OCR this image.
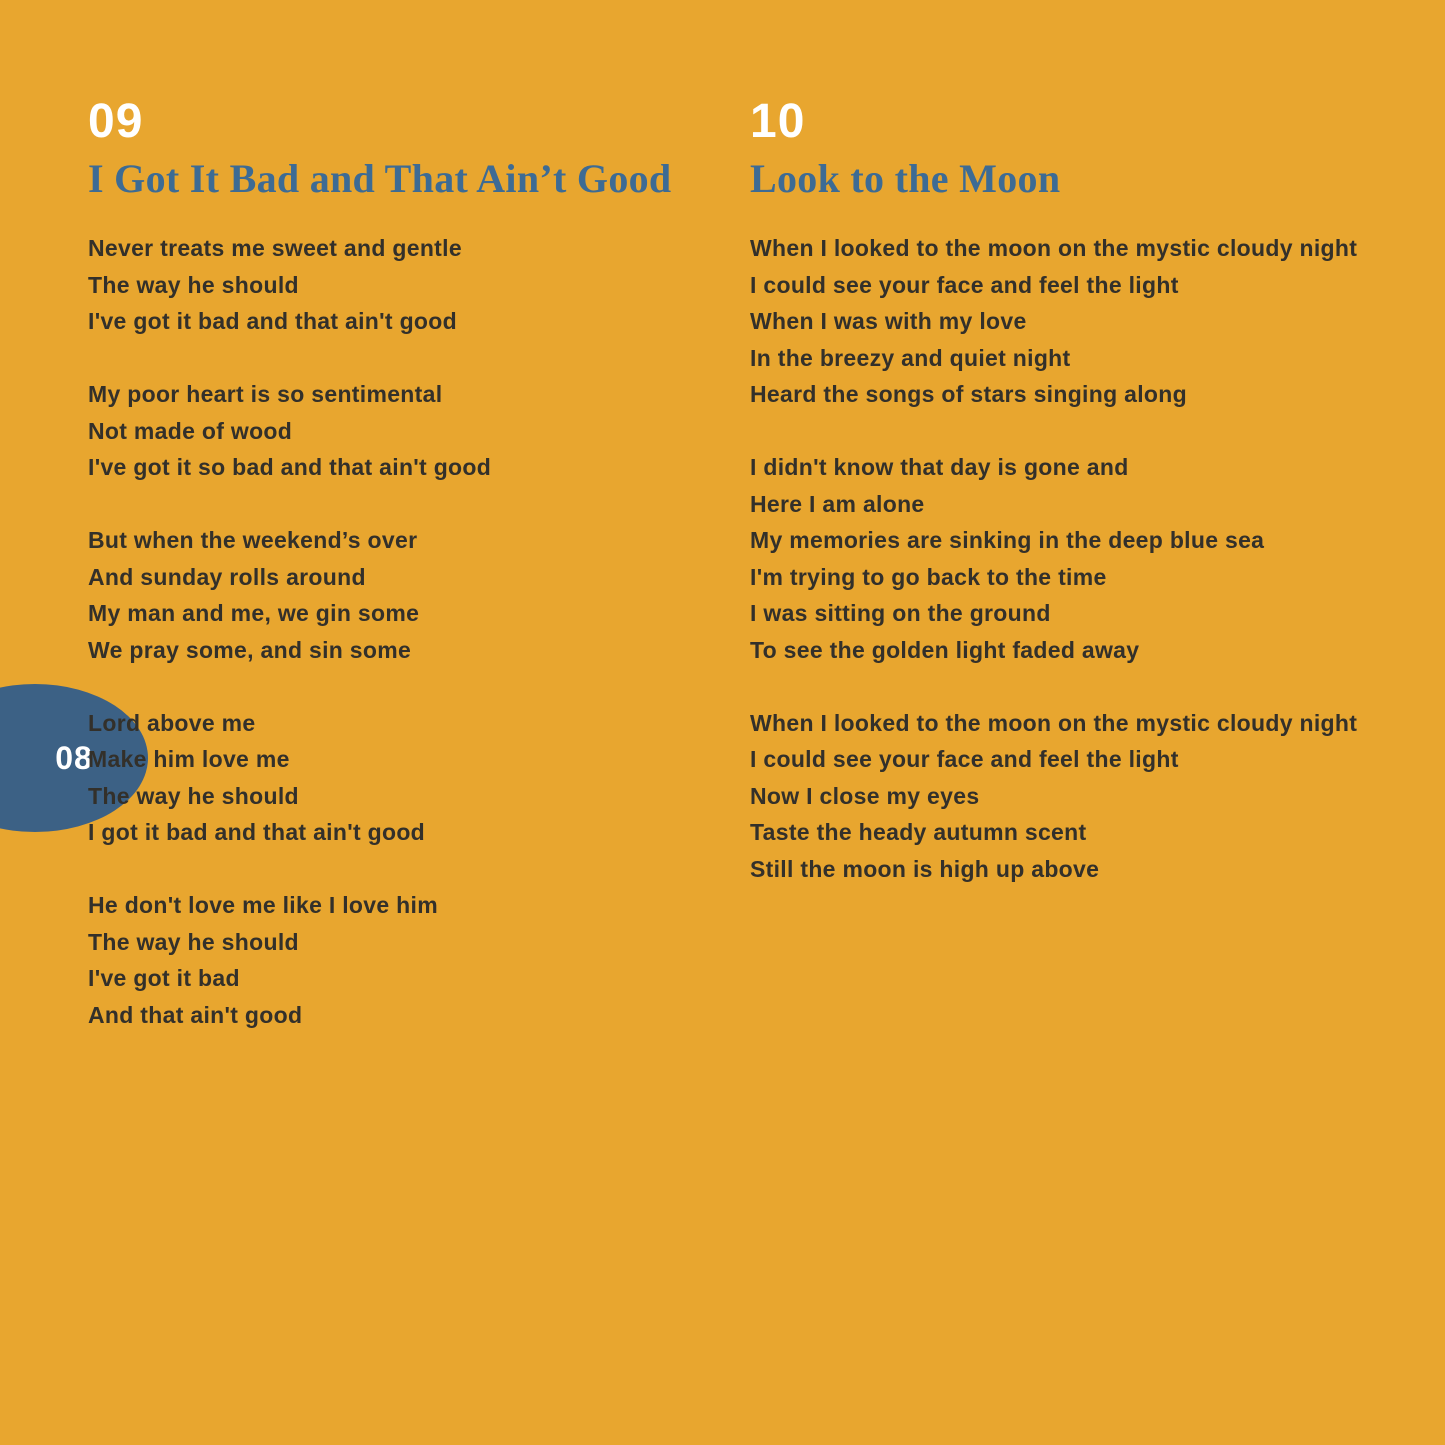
08
09
I Got It Bad and That Ain’t Good
Never treats me sweet and gentle
The way he should
I've got it bad and that ain't good
My poor heart is so sentimental
Not made of wood
I've got it so bad and that ain't good
But when the weekend’s over
And sunday rolls around
My man and me, we gin some
We pray some, and sin some
Lord above me
Make him love me
The way he should
I got it bad and that ain't good
He don't love me like I love him
The way he should
I've got it bad
And that ain't good
10
Look to the Moon
When I looked to the moon on the mystic cloudy night
I could see your face and feel the light
When I was with my love
In the breezy and quiet night
Heard the songs of stars singing along
I didn't know that day is gone and
Here I am alone
My memories are sinking in the deep blue sea
I'm trying to go back to the time
I was sitting on the ground
To see the golden light faded away
When I looked to the moon on the mystic cloudy night
I could see your face and feel the light
Now I close my eyes
Taste the heady autumn scent
Still the moon is high up above
